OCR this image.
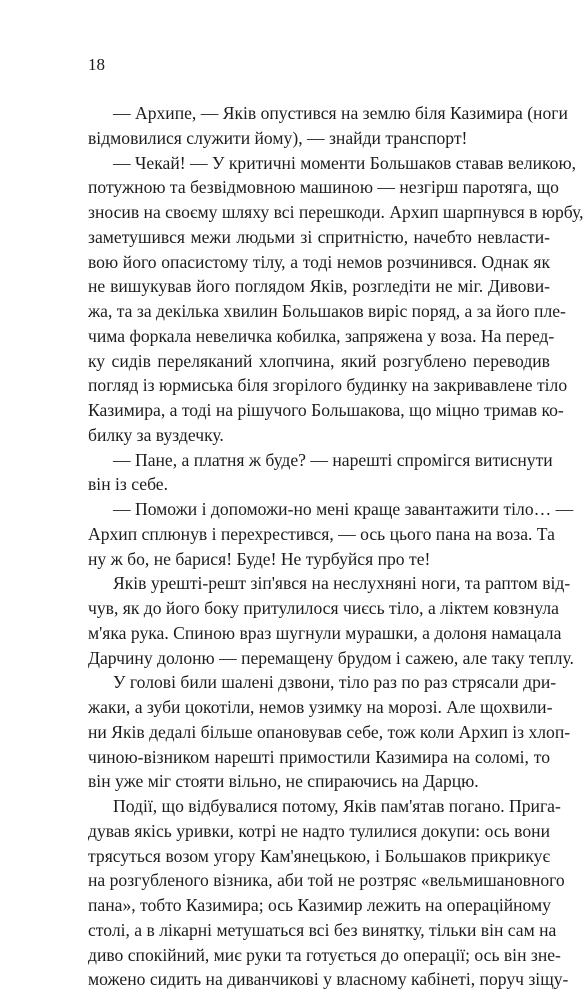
18
— Архипе, — Яків опустився на землю біля Казимира (ноги
відмовилися служити йому), — знайди транспорт!
— Чекай! — У критичні моменти Большаков ставав великою,
потужною та безвідмовною машиною — незгірш паротяга, що
зносив на своєму шляху всі перешкоди. Архип шарпнувся в юрбу,
заметушився межи людьми зі спритністю, начебто невласти-
вою його опасистому тілу, а тоді немов розчинився. Однак як
не вишукував його поглядом Яків, розгледіти не міг. Дивови-
жа, та за декілька хвилин Большаков виріс поряд, а за його пле-
чима форкала невеличка кобилка, запряжена у воза. На перед-
ку сидів переляканий хлопчина, який розгублено переводив
погляд із юрмиська біля згорілого будинку на закривавлене тіло
Казимира, а тоді на рішучого Большакова, що міцно тримав ко-
билку за вуздечку.
— Пане, а платня ж буде? — нарешті спромігся витиснути
він із себе.
— Поможи і допоможи-но мені краще завантажити тіло… —
Архип сплюнув і перехрестився, — ось цього пана на воза. Та
ну ж бо, не барися! Буде! Не турбуйся про те!
Яків урешті-решт зіп'явся на неслухняні ноги, та раптом від-
чув, як до його боку притулилося чиєсь тіло, а ліктем ковзнула
м'яка рука. Спиною враз шугнули мурашки, а долоня намацала
Дарчину долоню — перемащену брудом і сажею, але таку теплу.
У голові били шалені дзвони, тіло раз по раз стрясали дри-
жаки, а зуби цокотіли, немов узимку на морозі. Але щохвили-
ни Яків дедалі більше опановував себе, тож коли Архип із хлоп-
чиною-візником нарешті примостили Казимира на соломі, то
він уже міг стояти вільно, не спираючись на Дарцю.
Події, що відбувалися потому, Яків пам'ятав погано. Прига-
дував якісь уривки, котрі не надто тулилися докупи: ось вони
трясуться возом угору Кам'янецькою, і Большаков прикрикує
на розгубленого візника, аби той не розтряс «вельмишановного
пана», тобто Казимира; ось Казимир лежить на операційному
столі, а в лікарні метушаться всі без винятку, тільки він сам на
диво спокійний, миє руки та готується до операції; ось він зне-
можено сидить на диванчикові у власному кабінеті, поруч зіщу-
